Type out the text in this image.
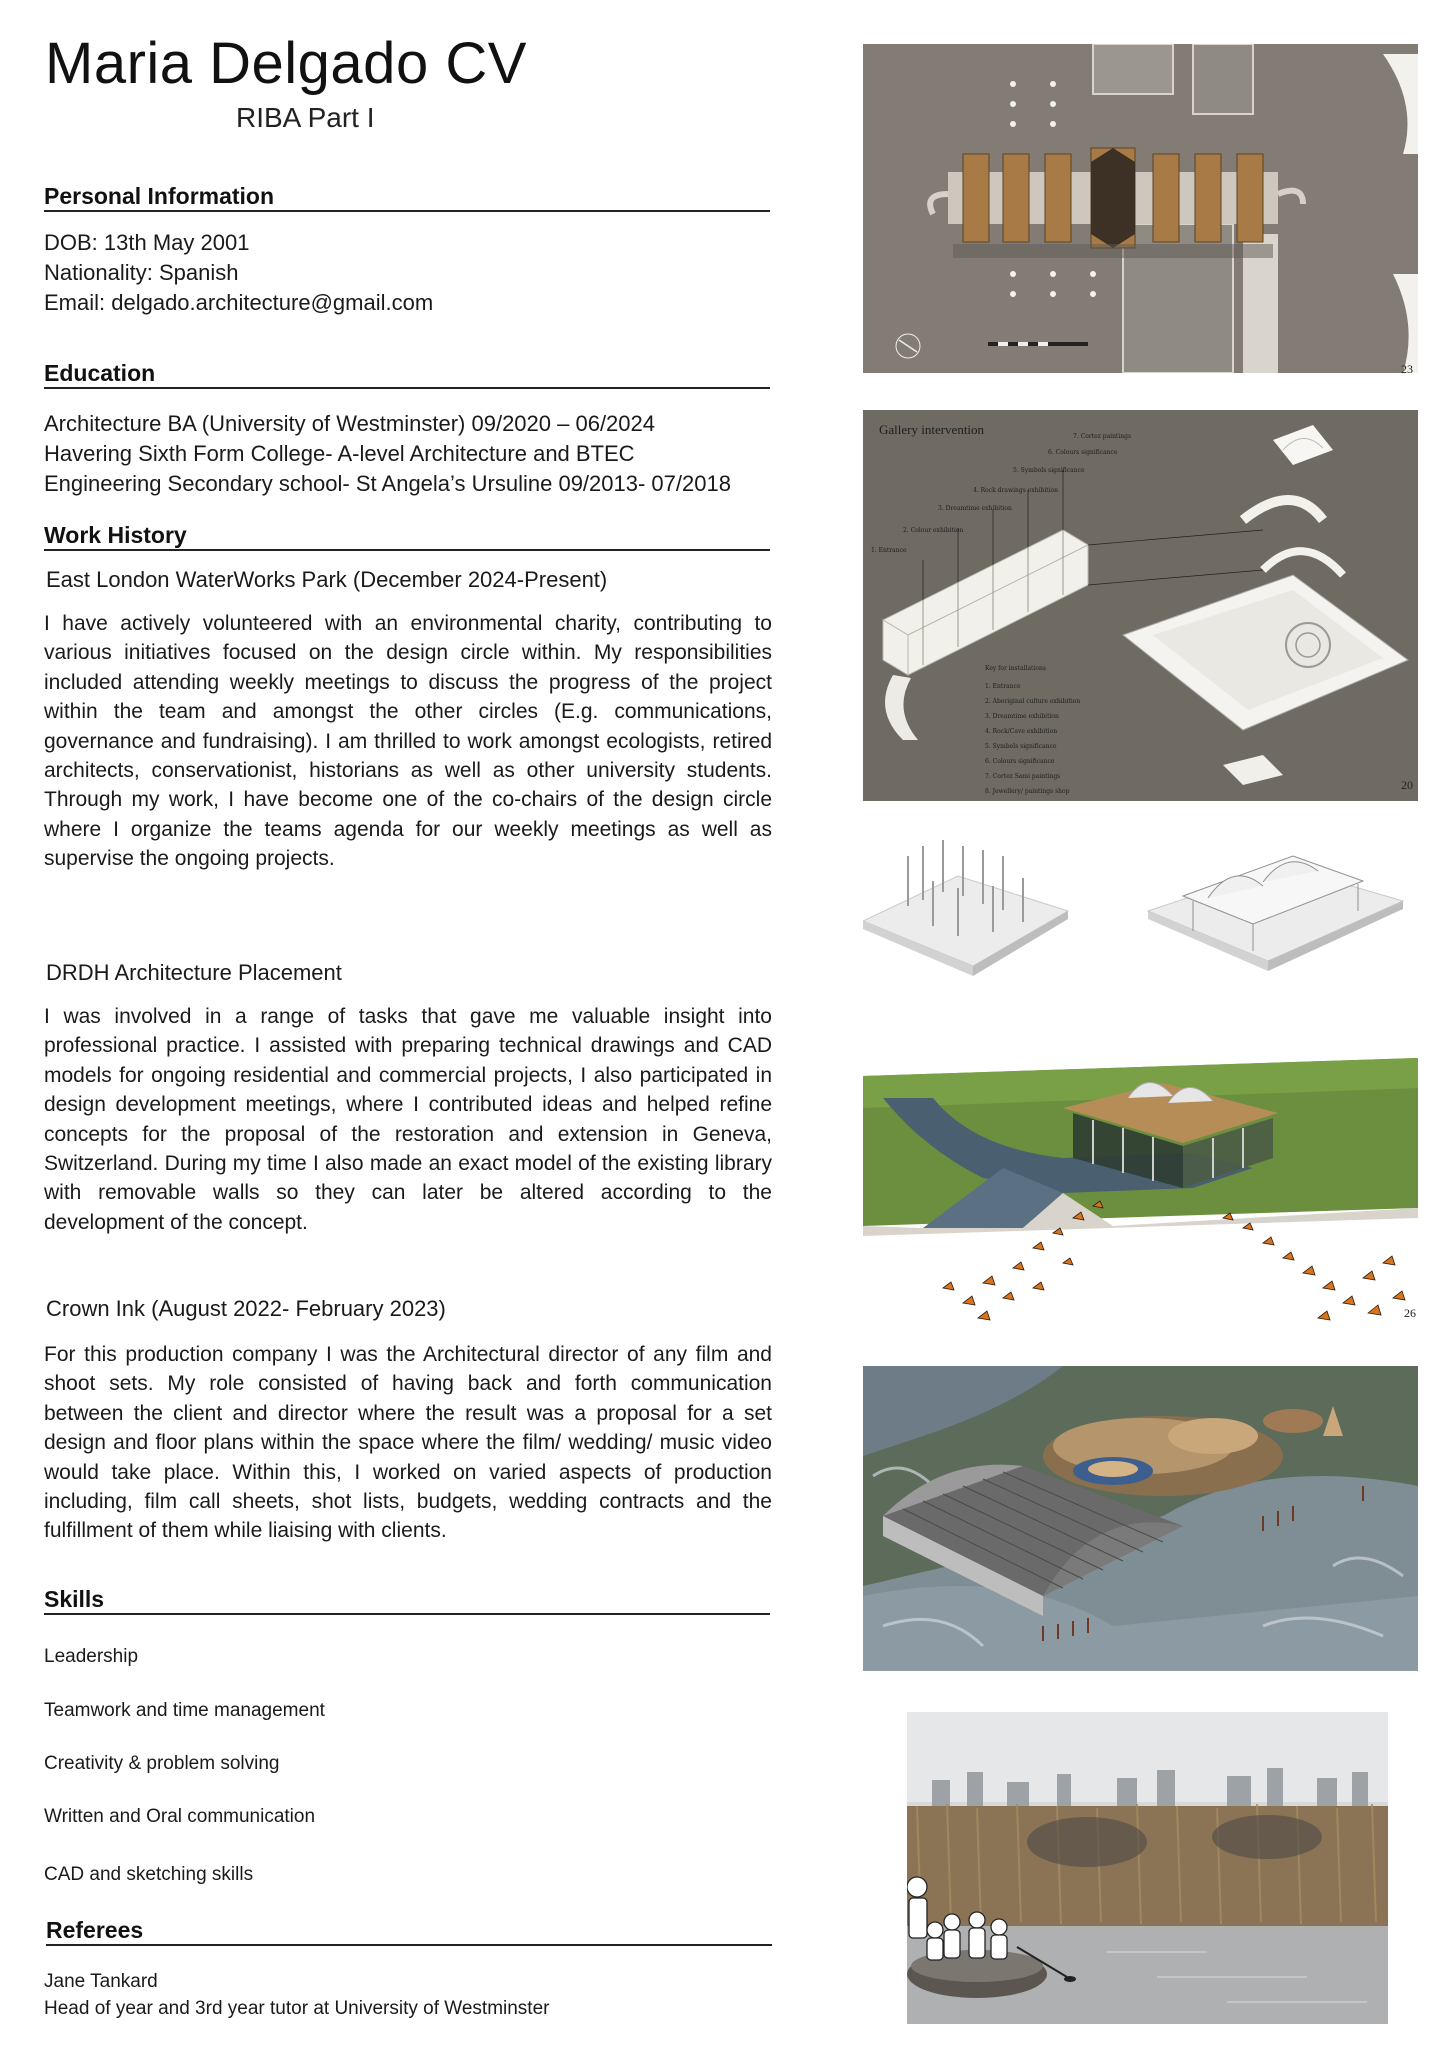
Maria Delgado CV
RIBA Part I
Personal Information
DOB: 13th May 2001
Nationality: Spanish
Email: delgado.architecture@gmail.com
Education
Architecture BA (University of Westminster) 09/2020 – 06/2024
Havering Sixth Form College- A-level Architecture and BTEC
Engineering Secondary school- St Angela’s Ursuline 09/2013- 07/2018
Work History
East London WaterWorks Park (December 2024-Present)
I have actively volunteered with an environmental charity, contributing to various initiatives focused on the design circle within. My responsibilities included attending weekly meetings to discuss the progress of the project within the team and amongst the other circles (E.g. communications, governance and fundraising). I am thrilled to work amongst ecologists, retired architects, conservationist, historians as well as other university students. Through my work, I have become one of the co-chairs of the design circle where I organize the teams agenda for our weekly meetings as well as supervise the ongoing projects.
DRDH Architecture Placement
I was involved in a range of tasks that gave me valuable insight into professional practice. I assisted with preparing technical drawings and CAD models for ongoing residential and commercial projects, I also participated in design development meetings, where I contributed ideas and helped refine concepts for the proposal of the restoration and extension in Geneva, Switzerland. During my time I also made an exact model of the existing library with removable walls so they can later be altered according to the development of the concept.
Crown Ink (August 2022- February 2023)
For this production company I was the Architectural director of any film and shoot sets. My role consisted of having back and forth communication between the client and director where the result was a proposal for a set design and floor plans within the space where the film/ wedding/ music video would take place. Within this, I worked on varied aspects of production including, film call sheets, shot lists, budgets, wedding contracts and the fulfillment of them while liaising with clients.
Skills
Leadership
Teamwork and time management
Creativity & problem solving
Written and Oral communication
CAD and sketching skills
Referees
Jane Tankard
Head of year and 3rd year tutor at University of Westminster
23
1. Entrance
2. Colour exhibition
3. Dreamtime exhibition
4. Rock drawings exhibition
5. Symbols significance
6. Colours significance
7. Cortez paintings
Key for installations
1. Entrance
2. Aboriginal culture exhibition
3. Dreamtime exhibition
4. Rock/Cave exhibition
5. Symbols significance
6. Colours significance
7. Cortez Sami paintings
8. Jewellery/ paintings shop
Gallery intervention
20
26
